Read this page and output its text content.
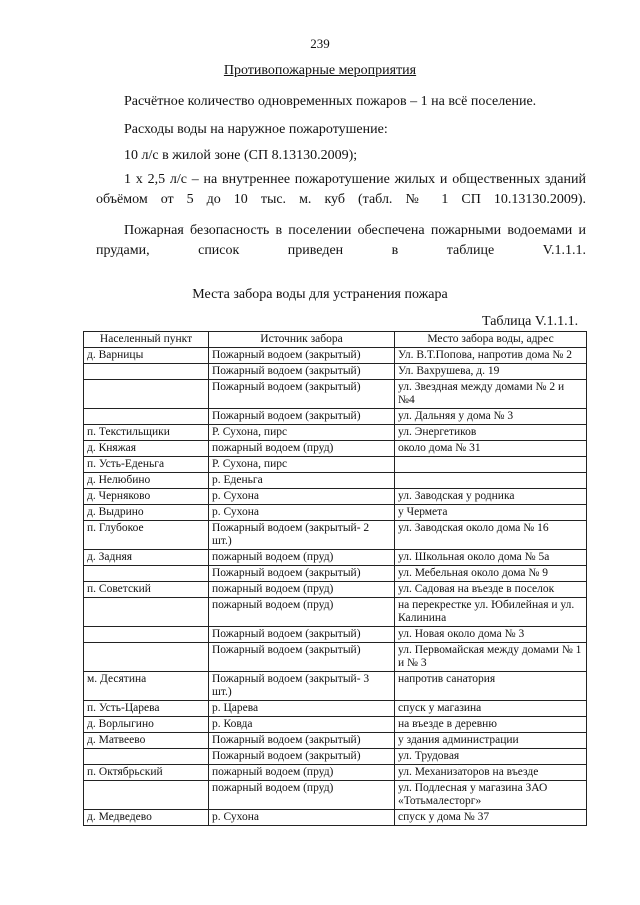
239
Противопожарные мероприятия
Расчётное количество одновременных пожаров – 1 на всё поселение.
Расходы воды на наружное пожаротушение:
10 л/с в жилой зоне (СП 8.13130.2009);
1 х 2,5 л/с – на внутреннее пожаротушение жилых и общественных зданий объёмом от 5 до 10 тыс. м. куб (табл. № 1 СП 10.13130.2009).
Пожарная безопасность в поселении обеспечена пожарными водоемами и прудами, список приведен в таблице V.1.1.1.
Места забора воды для устранения пожара
Таблица V.1.1.1.
Населенный пункт	Источник забора	Место забора воды, адрес
д. Варницы	Пожарный водоем (закрытый)	Ул. В.Т.Попова, напротив дома № 2
	Пожарный водоем (закрытый)	Ул. Вахрушева, д. 19
	Пожарный водоем (закрытый)	ул. Звездная между домами № 2 и №4
	Пожарный водоем (закрытый)	ул. Дальняя у дома № 3
п. Текстильщики	Р. Сухона, пирс	ул. Энергетиков
д. Княжая	пожарный водоем (пруд)	около дома № 31
п. Усть-Еденьга	Р. Сухона, пирс	
д. Нелюбино	р. Еденьга	
д. Черняково	р. Сухона	ул. Заводская у родника
д. Выдрино	р. Сухона	у Чермета
п. Глубокое	Пожарный водоем (закрытый- 2 шт.)	ул. Заводская около дома № 16
д. Задняя	пожарный водоем (пруд)	ул. Школьная около дома № 5а
	Пожарный водоем (закрытый)	ул. Мебельная около дома № 9
п. Советский	пожарный водоем (пруд)	ул. Садовая на въезде в поселок
	пожарный водоем (пруд)	на перекрестке ул. Юбилейная и ул. Калинина
	Пожарный водоем (закрытый)	ул. Новая около дома № 3
	Пожарный водоем (закрытый)	ул. Первомайская между домами № 1 и № 3
м. Десятина	Пожарный водоем (закрытый- 3 шт.)	напротив санатория
п. Усть-Царева	р. Царева	спуск у магазина
д. Ворлыгино	р. Ковда	на въезде в деревню
д. Матвеево	Пожарный водоем (закрытый)	у здания администрации
	Пожарный водоем (закрытый)	ул. Трудовая
п. Октябрьский	пожарный водоем (пруд)	ул. Механизаторов на въезде
	пожарный водоем (пруд)	ул. Подлесная у магазина ЗАО «Тотьмалесторг»
д. Медведево	р. Сухона	спуск у дома № 37
